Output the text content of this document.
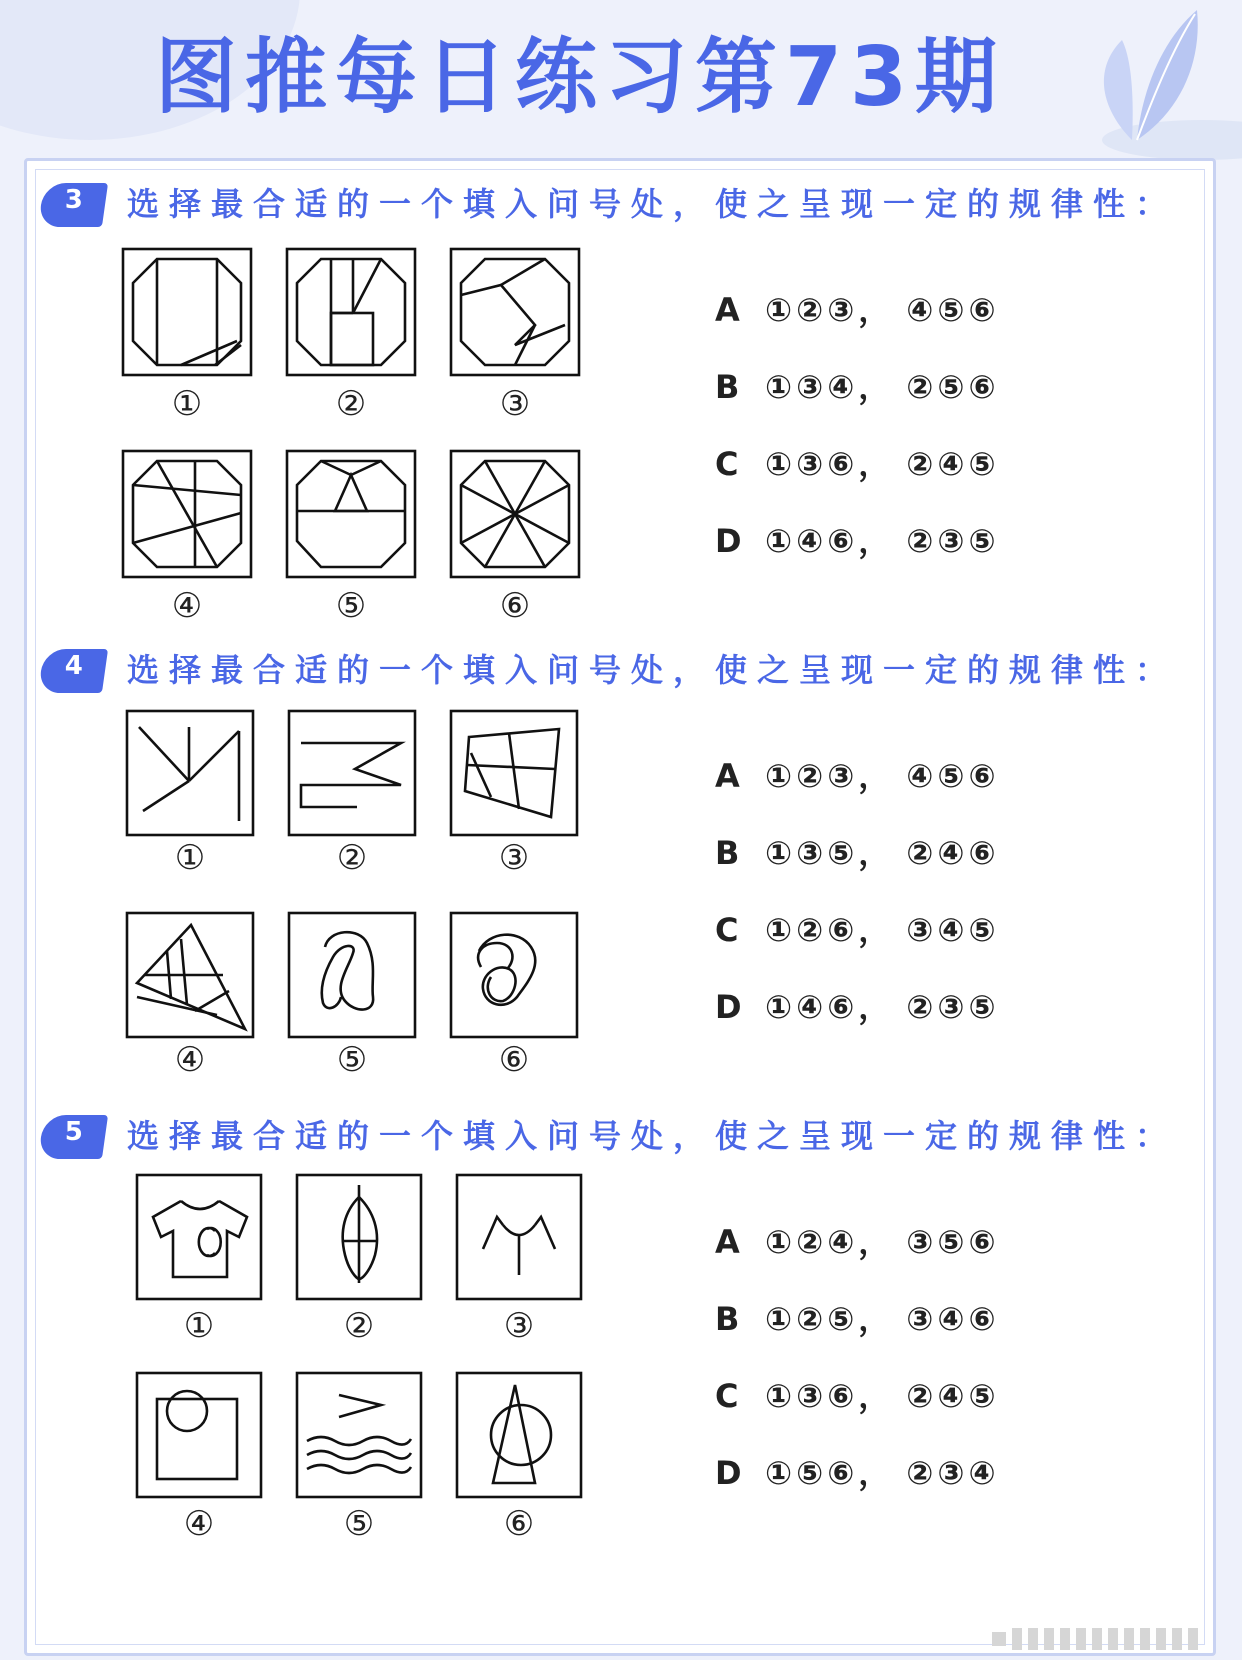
图推每日练习第73期
3	选择最合适的一个填入问号处，使之呈现一定的规律性：
①	②	③
④	⑤	⑥
A ①②③， ④⑤⑥
B ①③④， ②⑤⑥
C ①③⑥， ②④⑤
D ①④⑥， ②③⑤
4	选择最合适的一个填入问号处，使之呈现一定的规律性：
①	②	③
④	⑤	⑥
A ①②③， ④⑤⑥
B ①③⑤， ②④⑥
C ①②⑥， ③④⑤
D ①④⑥， ②③⑤
5	选择最合适的一个填入问号处，使之呈现一定的规律性：
①	②	③
④	⑤	⑥
A ①②④， ③⑤⑥
B ①②⑤， ③④⑥
C ①③⑥， ②④⑤
D ①⑤⑥， ②③④
